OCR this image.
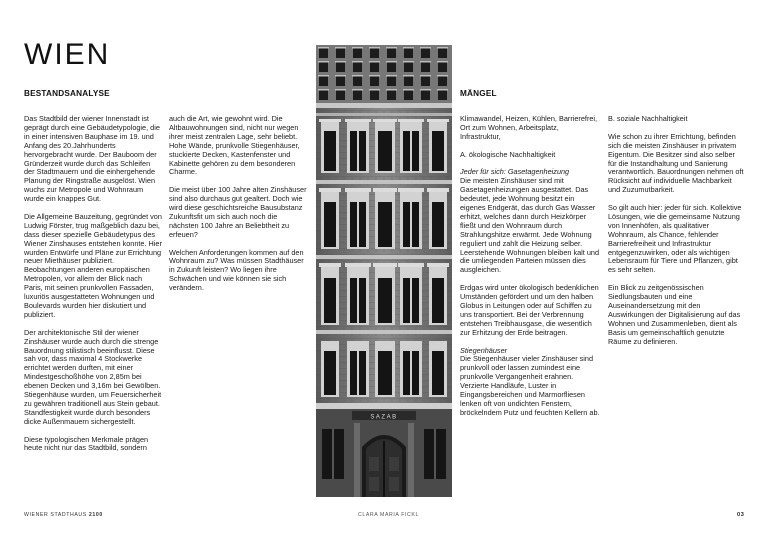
WIEN
BESTANDSANALYSE	MÄNGEL

Das Stadtbild der wiener Innenstadt ist geprägt durch eine Gebäudetypologie, die in einer intensiven Bauphase im 19. und Anfang des 20.Jahrhunderts hervorgebracht wurde. Der Bauboom der Gründerzeit wurde durch das Schleifen der Stadtmauern und die einhergehende Planung der Ringstraße ausgelöst. Wien wuchs zur Metropole und Wohnraum wurde ein knappes Gut.

Die Allgemeine Bauzeitung, gegründet von Ludwig Förster, trug maßgeblich dazu bei, dass dieser spezielle Gebäudetypus des Wiener Zinshauses entstehen konnte. Hier wurden Entwürfe und Pläne zur Errichtung neuer Miethäuser publiziert. Beobachtungen anderen europäischen Metropolen, vor allem der Blick nach Paris, mit seinen prunkvollen Fassaden, luxuriös ausgestatteten Wohnungen und Boulevards wurden hier diskutiert und publiziert.

Der architektonische Stil der wiener Zinshäuser wurde auch durch die strenge Bauordnung stilistisch beeinflusst. Diese sah vor, dass maximal 4 Stockwerke errichtet werden durften, mit einer Mindestgeschoßhöhe von 2,85m bei ebenen Decken und 3,16m bei Gewölben. Stiegenhäuse wurden, um Feuersicherheit zu gewähren traditionell aus Stein gebaut. Standfestigkeit wurde durch besonders dicke Außenmauern sichergestellt.

Diese typologischen Merkmale prägen heute nicht nur das Stadtbild, sondern

auch die Art, wie gewohnt wird. Die Altbauwohnungen sind, nicht nur wegen ihrer meist zentralen Lage, sehr beliebt. Hohe Wände, prunkvolle Stiegenhäuser, stuckierte Decken, Kastenfenster und Kabinette gehören zu dem besonderen Charme.

Die meist über 100 Jahre alten Zinshäuser sind also durchaus gut gealtert. Doch wie wird diese geschichtsreiche Bausubstanz Zukunftsfit um sich auch noch die nächsten 100 Jahre an Beliebtheit zu erfeuen?

Welchen Anforderungen kommen auf den Wohnraum zu? Was müssen Stadthäuser in Zukunft leisten? Wo liegen ihre Schwächen und wie können sie sich verändern.

SAZAB

Klimawandel, Heizen, Kühlen, Barrierefrei, Ort zum Wohnen, Arbeitsplatz, Infrastruktur,

A. ökologische Nachhaltigkeit

Jeder für sich: Gasetagenheizung
Die meisten Zinshäuser sind mit Gasetagenheizungen ausgestattet. Das bedeutet, jede Wohnung besitzt ein eigenes Endgerät, das durch Gas Wasser erhitzt, welches dann durch Heizkörper fließt und den Wohnraum durch Strahlungshitze erwärmt. Jede Wohnung reguliert und zahlt die Heizung selber. Leerstehende Wohnungen bleiben kalt und die umliegenden Parteien müssen dies ausgleichen.

Erdgas wird unter ökologisch bedenklichen Umständen gefördert und um den halben Globus in Leitungen oder auf Schiffen zu uns transportiert. Bei der Verbrennung entstehen Treibhausgase, die wesentlich zur Erhitzung der Erde beitragen.

Stiegenhäuser
Die Stiegenhäuser vieler Zinshäuser sind prunkvoll oder lassen zumindest eine prunkvolle Vergangenheit erahnen. Verzierte Handläufe, Luster in Eingangsbereichen und Marmorfliesen lenken oft von undichten Fenstern, bröckelndem Putz und feuchten Kellern ab.

B. soziale Nachhaltigkeit

Wie schon zu ihrer Errichtung, befinden sich die meisten Zinshäuser in privatem Eigentum. Die Besitzer sind also selber für die Instandhaltung und Sanierung verantwortlich. Bauordnungen nehmen oft Rücksicht auf individuelle Machbarkeit und Zuzumutbarkeit.

So gilt auch hier: jeder für sich. Kollektive Lösungen, wie die gemeinsame Nutzung von Innenhöfen, als qualitativer Wohnraum, als Chance, fehlender Barrierefreiheit und Infrastruktur entgegenzuwirken, oder als wichtigen Lebensraum für Tiere und Pflanzen, gibt es sehr selten.

Ein Blick zu zeitgenössischen Siedlungsbauten und eine Auseinandersetzung mit den Auswirkungen der Digitalisierung auf das Wohnen und Zusammenleben, dient als Basis um gemeinschaftlich genutzte Räume zu definieren.

WIENER STADTHAUS 2100	CLARA MARIA FICKL	03
